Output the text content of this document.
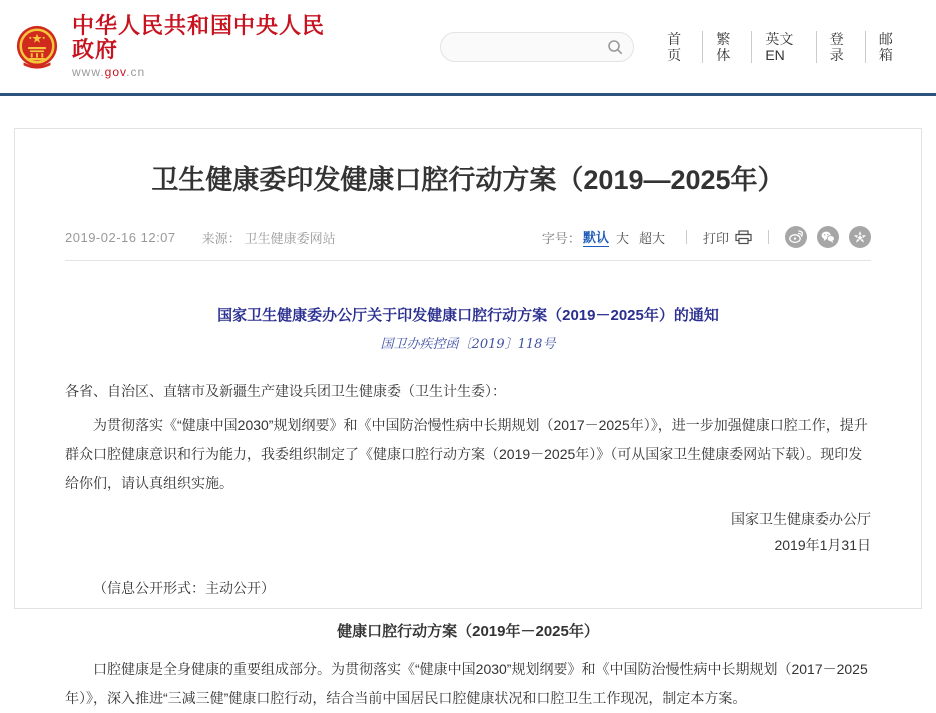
中华人民共和国中央人民政府
www.gov.cn
首页
繁体
英文EN
登录
邮箱
卫生健康委印发健康口腔行动方案（2019—2025年）
2019-02-16 12:07 来源： 卫生健康委网站	字号： 默认 大 超大	打印
国家卫生健康委办公厅关于印发健康口腔行动方案（2019－2025年）的通知
国卫办疾控函〔2019〕118号

各省、自治区、直辖市及新疆生产建设兵团卫生健康委（卫生计生委）：

为贯彻落实《“健康中国2030”规划纲要》和《中国防治慢性病中长期规划（2017－2025年）》，进一步加强健康口腔工作，提升群众口腔健康意识和行为能力，我委组织制定了《健康口腔行动方案（2019－2025年）》（可从国家卫生健康委网站下载）。现印发给你们，请认真组织实施。

国家卫生健康委办公厅
2019年1月31日

（信息公开形式：主动公开）

健康口腔行动方案（2019年－2025年）

口腔健康是全身健康的重要组成部分。为贯彻落实《“健康中国2030”规划纲要》和《中国防治慢性病中长期规划（2017－2025年）》，深入推进“三减三健”健康口腔行动，结合当前中国居民口腔健康状况和口腔卫生工作现况，制定本方案。
